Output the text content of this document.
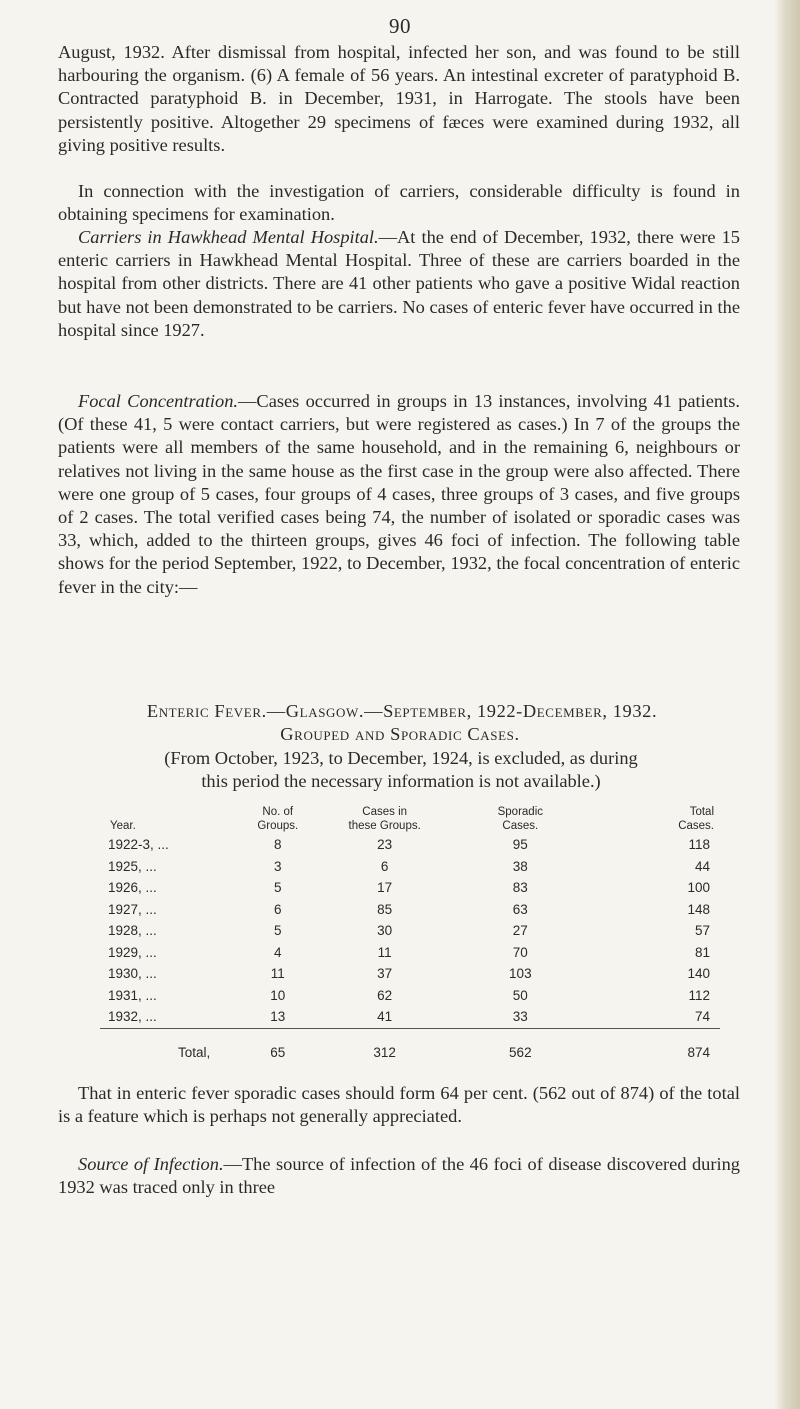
90

August, 1932. After dismissal from hospital, infected her son, and was found to be still harbouring the organism. (6) A female of 56 years. An intestinal excreter of paratyphoid B. Contracted paratyphoid B. in December, 1931, in Harrogate. The stools have been persistently positive. Altogether 29 specimens of fæces were examined during 1932, all giving positive results.

In connection with the investigation of carriers, considerable difficulty is found in obtaining specimens for examination.

Carriers in Hawkhead Mental Hospital.—At the end of December, 1932, there were 15 enteric carriers in Hawkhead Mental Hospital. Three of these are carriers boarded in the hospital from other districts. There are 41 other patients who gave a positive Widal reaction but have not been demonstrated to be carriers. No cases of enteric fever have occurred in the hospital since 1927.

Focal Concentration.—Cases occurred in groups in 13 instances, involving 41 patients. (Of these 41, 5 were contact carriers, but were registered as cases.) In 7 of the groups the patients were all members of the same household, and in the remaining 6, neighbours or relatives not living in the same house as the first case in the group were also affected. There were one group of 5 cases, four groups of 4 cases, three groups of 3 cases, and five groups of 2 cases. The total verified cases being 74, the number of isolated or sporadic cases was 33, which, added to the thirteen groups, gives 46 foci of infection. The following table shows for the period September, 1922, to December, 1932, the focal concentration of enteric fever in the city:—

Enteric Fever.—Glasgow.—September, 1922-December, 1932.
Grouped and Sporadic Cases.
(From October, 1923, to December, 1924, is excluded, as during
this period the necessary information is not available.)
	No. of	Cases in	Sporadic	Total
Year.	Groups.	these Groups.	Cases.	Cases.
1922-3, ...	8	23	95	118
1925, ...	3	6	38	44
1926, ...	5	17	83	100
1927, ...	6	85	63	148
1928, ...	5	30	27	57
1929, ...	4	11	70	81
1930, ...	11	37	103	140
1931, ...	10	62	50	112
1932, ...	13	41	33	74
Total,	65	312	562	874

That in enteric fever sporadic cases should form 64 per cent. (562 out of 874) of the total is a feature which is perhaps not generally appreciated.

Source of Infection.—The source of infection of the 46 foci of disease discovered during 1932 was traced only in three
